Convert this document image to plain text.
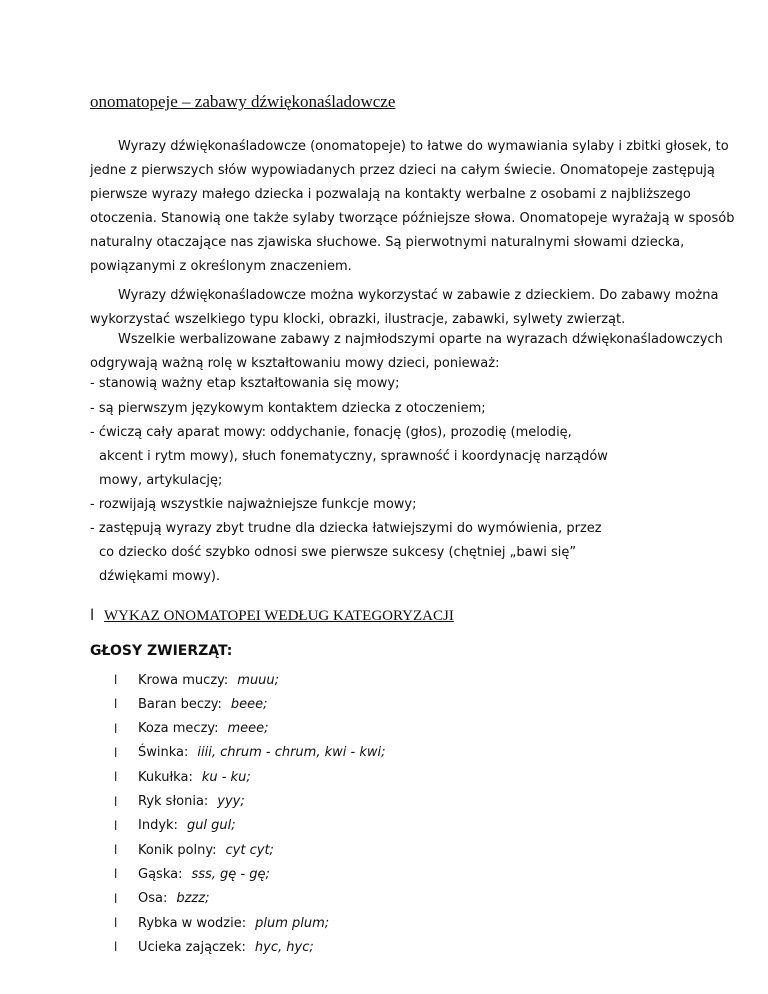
onomatopeje – zabawy dźwiękonaśladowcze
Wyrazy dźwiękonaśladowcze (onomatopeje) to łatwe do wymawiania sylaby i zbitki głosek, to
jedne z pierwszych słów wypowiadanych przez dzieci na całym świecie. Onomatopeje zastępują
pierwsze wyrazy małego dziecka i pozwalają na kontakty werbalne z osobami z najbliższego
otoczenia. Stanowią one także sylaby tworzące późniejsze słowa. Onomatopeje wyrażają w sposób
naturalny otaczające nas zjawiska słuchowe. Są pierwotnymi naturalnymi słowami dziecka,
powiązanymi z określonym znaczeniem.
Wyrazy dźwiękonaśladowcze można wykorzystać w zabawie z dzieckiem. Do zabawy można
wykorzystać wszelkiego typu klocki, obrazki, ilustracje, zabawki, sylwety zwierząt.
Wszelkie werbalizowane zabawy z najmłodszymi oparte na wyrazach dźwiękonaśladowczych
odgrywają ważną rolę w kształtowaniu mowy dzieci, ponieważ:
- stanowią ważny etap kształtowania się mowy;
- są pierwszym językowym kontaktem dziecka z otoczeniem;
- ćwiczą cały aparat mowy: oddychanie, fonację (głos), prozodię (melodię,
akcent i rytm mowy), słuch fonematyczny, sprawność i koordynację narządów
mowy, artykulację;
- rozwijają wszystkie najważniejsze funkcje mowy;
- zastępują wyrazy zbyt trudne dla dziecka łatwiejszymi do wymówienia, przez
co dziecko dość szybko odnosi swe pierwsze sukcesy (chętniej „bawi się”
dźwiękami mowy).
l WYKAZ ONOMATOPEI WEDŁUG KATEGORYZACJI
GŁOSY ZWIERZĄT:
l	Krowa muczy: muuu;
l	Baran beczy: beee;
l	Koza meczy: meee;
l	Świnka: iiii, chrum - chrum, kwi - kwi;
l	Kukułka: ku - ku;
l	Ryk słonia: yyy;
l	Indyk: gul gul;
l	Konik polny: cyt cyt;
l	Gąska: sss, gę - gę;
l	Osa: bzzz;
l	Rybka w wodzie: plum plum;
l	Ucieka zajączek: hyc, hyc;
